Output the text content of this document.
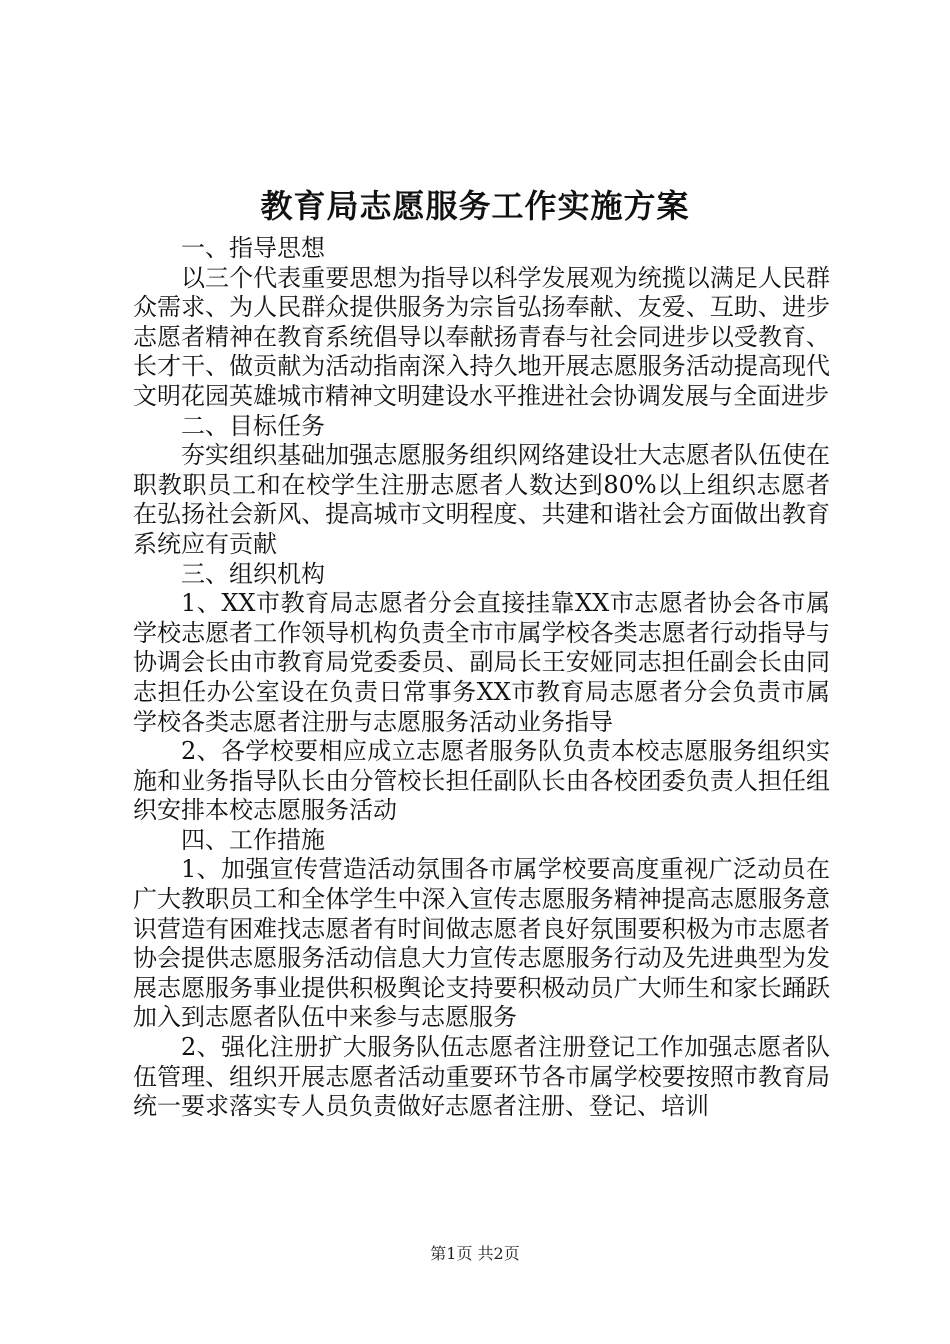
教育局志愿服务工作实施方案

一、指导思想

以三个代表重要思想为指导以科学发展观为统揽以满足人民群众需求、为人民群众提供服务为宗旨弘扬奉献、友爱、互助、进步志愿者精神在教育系统倡导以奉献扬青春与社会同进步以受教育、长才干、做贡献为活动指南深入持久地开展志愿服务活动提高现代文明花园英雄城市精神文明建设水平推进社会协调发展与全面进步

二、目标任务

夯实组织基础加强志愿服务组织网络建设壮大志愿者队伍使在职教职员工和在校学生注册志愿者人数达到80%以上组织志愿者在弘扬社会新风、提高城市文明程度、共建和谐社会方面做出教育系统应有贡献

三、组织机构

1、XX市教育局志愿者分会直接挂靠XX市志愿者协会各市属学校志愿者工作领导机构负责全市市属学校各类志愿者行动指导与协调会长由市教育局党委委员、副局长王安娅同志担任副会长由同志担任办公室设在负责日常事务XX市教育局志愿者分会负责市属学校各类志愿者注册与志愿服务活动业务指导

2、各学校要相应成立志愿者服务队负责本校志愿服务组织实施和业务指导队长由分管校长担任副队长由各校团委负责人担任组织安排本校志愿服务活动

四、工作措施

1、加强宣传营造活动氛围各市属学校要高度重视广泛动员在广大教职员工和全体学生中深入宣传志愿服务精神提高志愿服务意识营造有困难找志愿者有时间做志愿者良好氛围要积极为市志愿者协会提供志愿服务活动信息大力宣传志愿服务行动及先进典型为发展志愿服务事业提供积极舆论支持要积极动员广大师生和家长踊跃加入到志愿者队伍中来参与志愿服务

2、强化注册扩大服务队伍志愿者注册登记工作加强志愿者队伍管理、组织开展志愿者活动重要环节各市属学校要按照市教育局统一要求落实专人员负责做好志愿者注册、登记、培训

第1页 共2页
